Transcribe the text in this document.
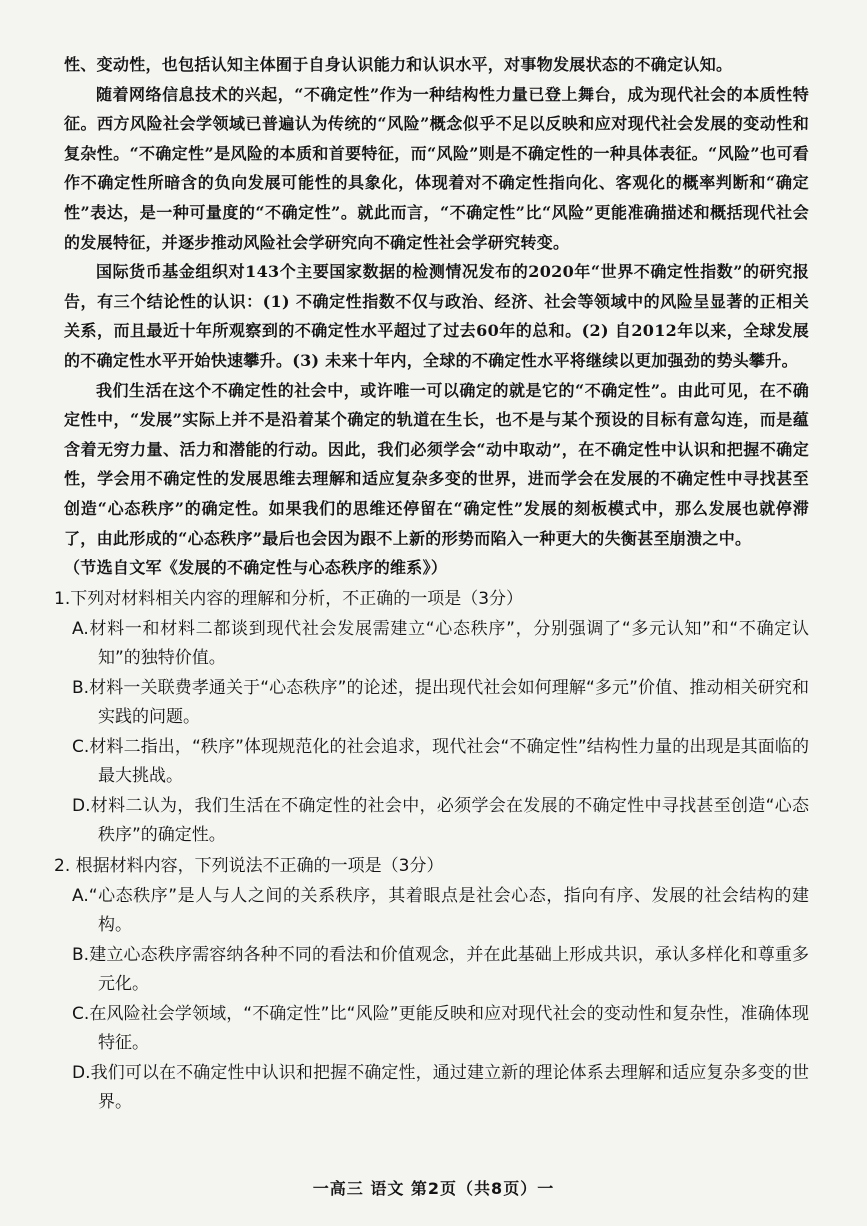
性、变动性，也包括认知主体囿于自身认识能力和认识水平，对事物发展状态的不确定认知。

随着网络信息技术的兴起，“不确定性”作为一种结构性力量已登上舞台，成为现代社会的本质性特征。西方风险社会学领域已普遍认为传统的“风险”概念似乎不足以反映和应对现代社会发展的变动性和复杂性。“不确定性”是风险的本质和首要特征，而“风险”则是不确定性的一种具体表征。“风险”也可看作不确定性所暗含的负向发展可能性的具象化，体现着对不确定性指向化、客观化的概率判断和“确定性”表达，是一种可量度的“不确定性”。就此而言，“不确定性”比“风险”更能准确描述和概括现代社会的发展特征，并逐步推动风险社会学研究向不确定性社会学研究转变。

国际货币基金组织对143个主要国家数据的检测情况发布的2020年“世界不确定性指数”的研究报告，有三个结论性的认识：(1) 不确定性指数不仅与政治、经济、社会等领域中的风险呈显著的正相关关系，而且最近十年所观察到的不确定性水平超过了过去60年的总和。(2) 自2012年以来，全球发展的不确定性水平开始快速攀升。(3) 未来十年内，全球的不确定性水平将继续以更加强劲的势头攀升。

我们生活在这个不确定性的社会中，或许唯一可以确定的就是它的“不确定性”。由此可见，在不确定性中，“发展”实际上并不是沿着某个确定的轨道在生长，也不是与某个预设的目标有意勾连，而是蕴含着无穷力量、活力和潜能的行动。因此，我们必须学会“动中取动”，在不确定性中认识和把握不确定性，学会用不确定性的发展思维去理解和适应复杂多变的世界，进而学会在发展的不确定性中寻找甚至创造“心态秩序”的确定性。如果我们的思维还停留在“确定性”发展的刻板模式中，那么发展也就停滞了，由此形成的“心态秩序”最后也会因为跟不上新的形势而陷入一种更大的失衡甚至崩溃之中。

（节选自文军《发展的不确定性与心态秩序的维系》）

1.下列对材料相关内容的理解和分析，不正确的一项是（3分）
A.材料一和材料二都谈到现代社会发展需建立“心态秩序”，分别强调了“多元认知”和“不确定认知”的独特价值。
B.材料一关联费孝通关于“心态秩序”的论述，提出现代社会如何理解“多元”价值、推动相关研究和实践的问题。
C.材料二指出，“秩序”体现规范化的社会追求，现代社会“不确定性”结构性力量的出现是其面临的最大挑战。
D.材料二认为，我们生活在不确定性的社会中，必须学会在发展的不确定性中寻找甚至创造“心态秩序”的确定性。
2. 根据材料内容，下列说法不正确的一项是（3分）
A.“心态秩序”是人与人之间的关系秩序，其着眼点是社会心态，指向有序、发展的社会结构的建构。
B.建立心态秩序需容纳各种不同的看法和价值观念，并在此基础上形成共识，承认多样化和尊重多元化。
C.在风险社会学领域，“不确定性”比“风险”更能反映和应对现代社会的变动性和复杂性，准确体现特征。
D.我们可以在不确定性中认识和把握不确定性，通过建立新的理论体系去理解和适应复杂多变的世界。
一高三 语文 第2页（共8页）一
